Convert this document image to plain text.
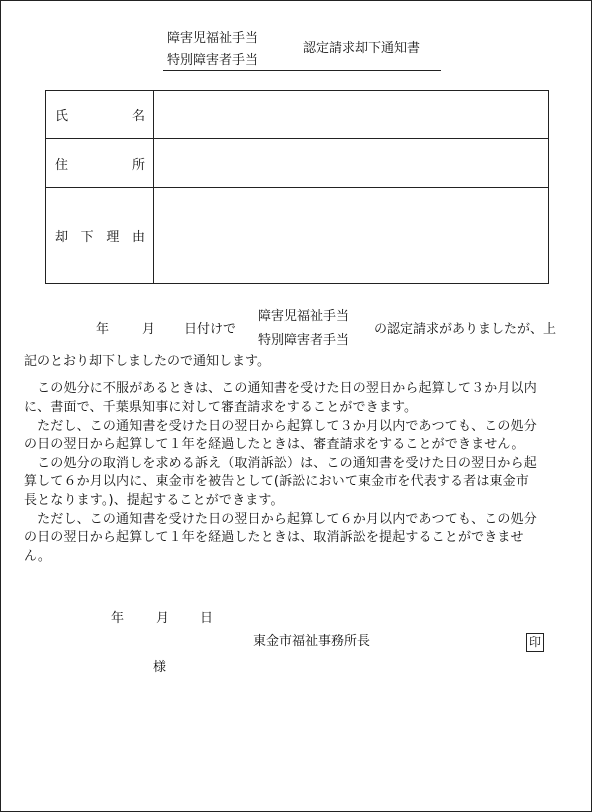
障害児福祉手当
特別障害者手当
認定請求却下通知書
氏 名	

住 所	

却 下 理 由	

年	月 日付けで
障害児福祉手当
特別障害者手当
の認定請求がありましたが、上
記のとおり却下しましたので通知します。
　この処分に不服があるときは、この通知書を受けた日の翌日から起算して３か月以内
に、書面で、千葉県知事に対して審査請求をすることができます。
　ただし、この通知書を受けた日の翌日から起算して３か月以内であつても、この処分
の日の翌日から起算して１年を経過したときは、審査請求をすることができません。
　この処分の取消しを求める訴え（取消訴訟）は、この通知書を受けた日の翌日から起
算して６か月以内に、東金市を被告として(訴訟において東金市を代表する者は東金市
長となります。)、提起することができます。
　ただし、この通知書を受けた日の翌日から起算して６か月以内であつても、この処分
の日の翌日から起算して１年を経過したときは、取消訴訟を提起することができませ
ん。
年 月 日
東金市福祉事務所長	印
様
